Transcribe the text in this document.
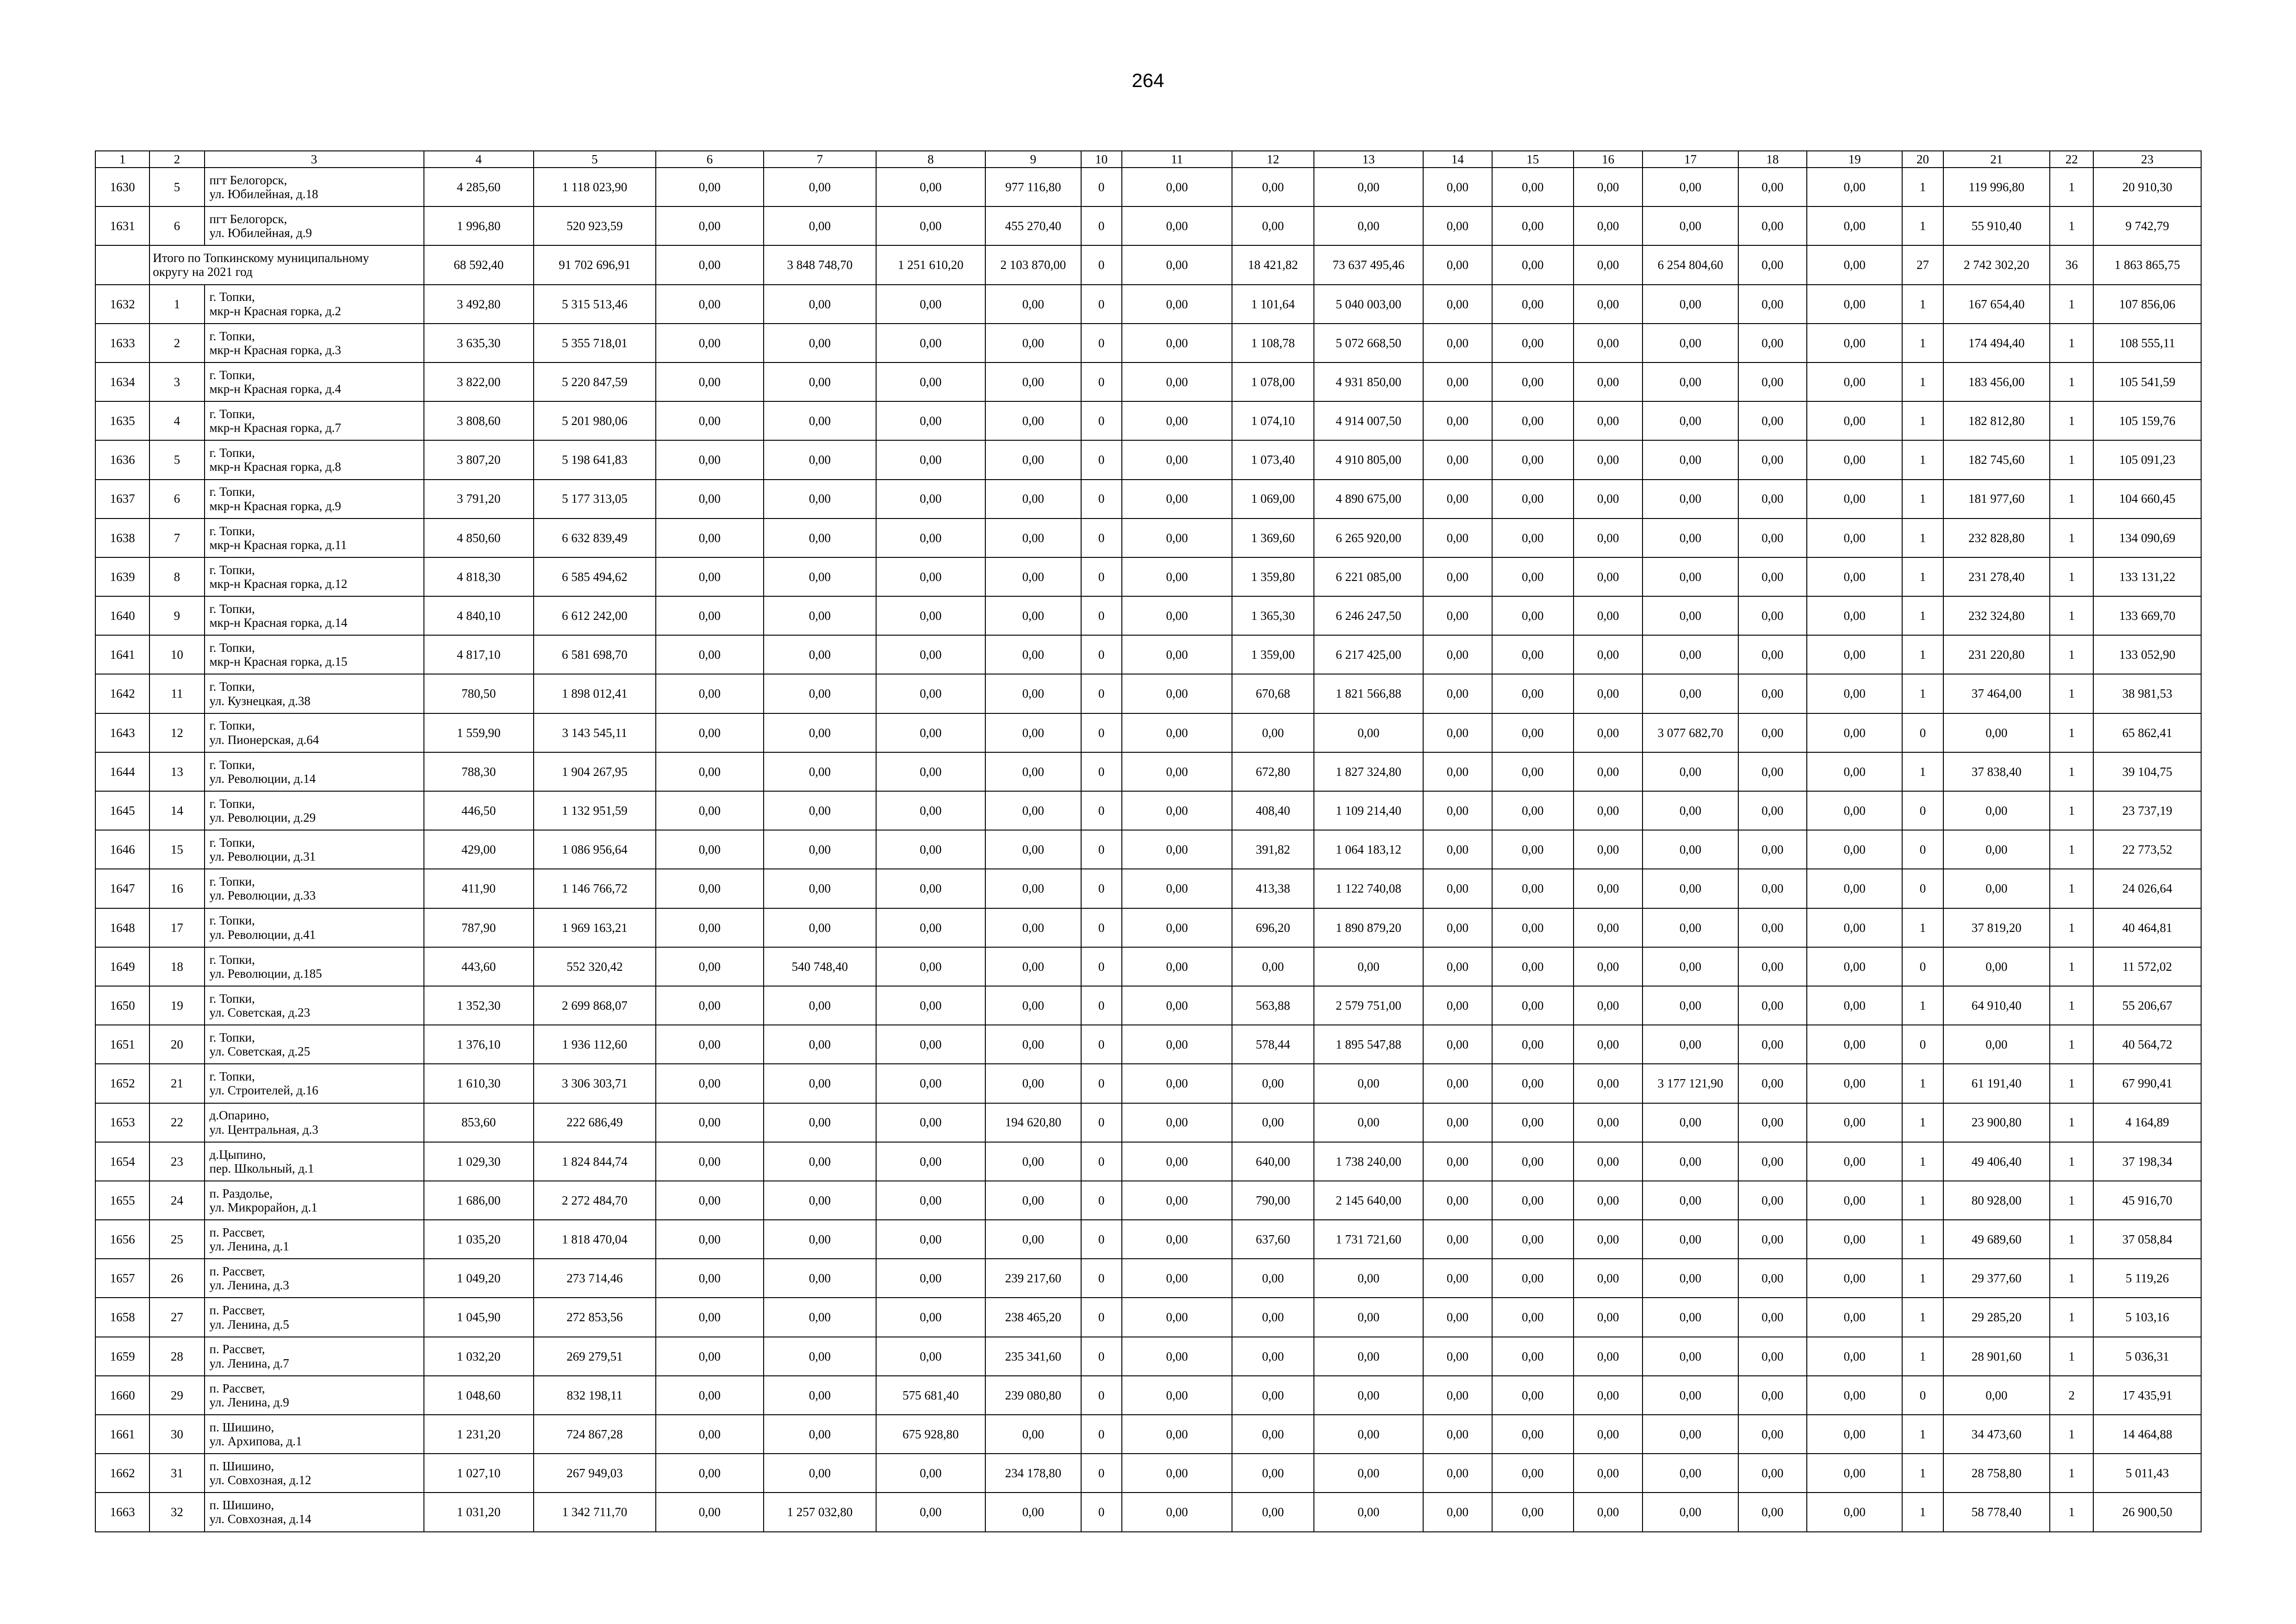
264
1	2	3	4	5	6	7	8	9	10	11	12	13	14	15	16	17	18	19	20	21	22	23
1630	5	пгт Белогорск,
ул. Юбилейная, д.18	4 285,60	1 118 023,90	0,00	0,00	0,00	977 116,80	0	0,00	0,00	0,00	0,00	0,00	0,00	0,00	0,00	0,00	1	119 996,80	1	20 910,30
1631	6	пгт Белогорск,
ул. Юбилейная, д.9	1 996,80	520 923,59	0,00	0,00	0,00	455 270,40	0	0,00	0,00	0,00	0,00	0,00	0,00	0,00	0,00	0,00	1	55 910,40	1	9 742,79

	Итого по Топкинскому муниципальному
округу на 2021 год		68 592,40	91 702 696,91	0,00	3 848 748,70	1 251 610,20	2 103 870,00	0	0,00	18 421,82	73 637 495,46	0,00	0,00	0,00	6 254 804,60	0,00	0,00	27	2 742 302,20	36	1 863 865,75
1632	1	г. Топки,
мкр-н Красная горка, д.2	3 492,80	5 315 513,46	0,00	0,00	0,00	0,00	0	0,00	1 101,64	5 040 003,00	0,00	0,00	0,00	0,00	0,00	0,00	1	167 654,40	1	107 856,06
1633	2	г. Топки,
мкр-н Красная горка, д.3	3 635,30	5 355 718,01	0,00	0,00	0,00	0,00	0	0,00	1 108,78	5 072 668,50	0,00	0,00	0,00	0,00	0,00	0,00	1	174 494,40	1	108 555,11
1634	3	г. Топки,
мкр-н Красная горка, д.4	3 822,00	5 220 847,59	0,00	0,00	0,00	0,00	0	0,00	1 078,00	4 931 850,00	0,00	0,00	0,00	0,00	0,00	0,00	1	183 456,00	1	105 541,59
1635	4	г. Топки,
мкр-н Красная горка, д.7	3 808,60	5 201 980,06	0,00	0,00	0,00	0,00	0	0,00	1 074,10	4 914 007,50	0,00	0,00	0,00	0,00	0,00	0,00	1	182 812,80	1	105 159,76
1636	5	г. Топки,
мкр-н Красная горка, д.8	3 807,20	5 198 641,83	0,00	0,00	0,00	0,00	0	0,00	1 073,40	4 910 805,00	0,00	0,00	0,00	0,00	0,00	0,00	1	182 745,60	1	105 091,23
1637	6	г. Топки,
мкр-н Красная горка, д.9	3 791,20	5 177 313,05	0,00	0,00	0,00	0,00	0	0,00	1 069,00	4 890 675,00	0,00	0,00	0,00	0,00	0,00	0,00	1	181 977,60	1	104 660,45
1638	7	г. Топки,
мкр-н Красная горка, д.11	4 850,60	6 632 839,49	0,00	0,00	0,00	0,00	0	0,00	1 369,60	6 265 920,00	0,00	0,00	0,00	0,00	0,00	0,00	1	232 828,80	1	134 090,69
1639	8	г. Топки,
мкр-н Красная горка, д.12	4 818,30	6 585 494,62	0,00	0,00	0,00	0,00	0	0,00	1 359,80	6 221 085,00	0,00	0,00	0,00	0,00	0,00	0,00	1	231 278,40	1	133 131,22
1640	9	г. Топки,
мкр-н Красная горка, д.14	4 840,10	6 612 242,00	0,00	0,00	0,00	0,00	0	0,00	1 365,30	6 246 247,50	0,00	0,00	0,00	0,00	0,00	0,00	1	232 324,80	1	133 669,70
1641	10	г. Топки,
мкр-н Красная горка, д.15	4 817,10	6 581 698,70	0,00	0,00	0,00	0,00	0	0,00	1 359,00	6 217 425,00	0,00	0,00	0,00	0,00	0,00	0,00	1	231 220,80	1	133 052,90
1642	11	г. Топки,
ул. Кузнецкая, д.38	780,50	1 898 012,41	0,00	0,00	0,00	0,00	0	0,00	670,68	1 821 566,88	0,00	0,00	0,00	0,00	0,00	0,00	1	37 464,00	1	38 981,53
1643	12	г. Топки,
ул. Пионерская, д.64	1 559,90	3 143 545,11	0,00	0,00	0,00	0,00	0	0,00	0,00	0,00	0,00	0,00	0,00	3 077 682,70	0,00	0,00	0	0,00	1	65 862,41
1644	13	г. Топки,
ул. Революции, д.14	788,30	1 904 267,95	0,00	0,00	0,00	0,00	0	0,00	672,80	1 827 324,80	0,00	0,00	0,00	0,00	0,00	0,00	1	37 838,40	1	39 104,75
1645	14	г. Топки,
ул. Революции, д.29	446,50	1 132 951,59	0,00	0,00	0,00	0,00	0	0,00	408,40	1 109 214,40	0,00	0,00	0,00	0,00	0,00	0,00	0	0,00	1	23 737,19
1646	15	г. Топки,
ул. Революции, д.31	429,00	1 086 956,64	0,00	0,00	0,00	0,00	0	0,00	391,82	1 064 183,12	0,00	0,00	0,00	0,00	0,00	0,00	0	0,00	1	22 773,52
1647	16	г. Топки,
ул. Революции, д.33	411,90	1 146 766,72	0,00	0,00	0,00	0,00	0	0,00	413,38	1 122 740,08	0,00	0,00	0,00	0,00	0,00	0,00	0	0,00	1	24 026,64
1648	17	г. Топки,
ул. Революции, д.41	787,90	1 969 163,21	0,00	0,00	0,00	0,00	0	0,00	696,20	1 890 879,20	0,00	0,00	0,00	0,00	0,00	0,00	1	37 819,20	1	40 464,81
1649	18	г. Топки,
ул. Революции, д.185	443,60	552 320,42	0,00	540 748,40	0,00	0,00	0	0,00	0,00	0,00	0,00	0,00	0,00	0,00	0,00	0,00	0	0,00	1	11 572,02
1650	19	г. Топки,
ул. Советская, д.23	1 352,30	2 699 868,07	0,00	0,00	0,00	0,00	0	0,00	563,88	2 579 751,00	0,00	0,00	0,00	0,00	0,00	0,00	1	64 910,40	1	55 206,67
1651	20	г. Топки,
ул. Советская, д.25	1 376,10	1 936 112,60	0,00	0,00	0,00	0,00	0	0,00	578,44	1 895 547,88	0,00	0,00	0,00	0,00	0,00	0,00	0	0,00	1	40 564,72
1652	21	г. Топки,
ул. Строителей, д.16	1 610,30	3 306 303,71	0,00	0,00	0,00	0,00	0	0,00	0,00	0,00	0,00	0,00	0,00	3 177 121,90	0,00	0,00	1	61 191,40	1	67 990,41
1653	22	д.Опарино,
ул. Центральная, д.3	853,60	222 686,49	0,00	0,00	0,00	194 620,80	0	0,00	0,00	0,00	0,00	0,00	0,00	0,00	0,00	0,00	1	23 900,80	1	4 164,89
1654	23	д.Цыпино,
пер. Школьный, д.1	1 029,30	1 824 844,74	0,00	0,00	0,00	0,00	0	0,00	640,00	1 738 240,00	0,00	0,00	0,00	0,00	0,00	0,00	1	49 406,40	1	37 198,34
1655	24	п. Раздолье,
ул. Микрорайон, д.1	1 686,00	2 272 484,70	0,00	0,00	0,00	0,00	0	0,00	790,00	2 145 640,00	0,00	0,00	0,00	0,00	0,00	0,00	1	80 928,00	1	45 916,70
1656	25	п. Рассвет,
ул. Ленина, д.1	1 035,20	1 818 470,04	0,00	0,00	0,00	0,00	0	0,00	637,60	1 731 721,60	0,00	0,00	0,00	0,00	0,00	0,00	1	49 689,60	1	37 058,84
1657	26	п. Рассвет,
ул. Ленина, д.3	1 049,20	273 714,46	0,00	0,00	0,00	239 217,60	0	0,00	0,00	0,00	0,00	0,00	0,00	0,00	0,00	0,00	1	29 377,60	1	5 119,26
1658	27	п. Рассвет,
ул. Ленина, д.5	1 045,90	272 853,56	0,00	0,00	0,00	238 465,20	0	0,00	0,00	0,00	0,00	0,00	0,00	0,00	0,00	0,00	1	29 285,20	1	5 103,16
1659	28	п. Рассвет,
ул. Ленина, д.7	1 032,20	269 279,51	0,00	0,00	0,00	235 341,60	0	0,00	0,00	0,00	0,00	0,00	0,00	0,00	0,00	0,00	1	28 901,60	1	5 036,31
1660	29	п. Рассвет,
ул. Ленина, д.9	1 048,60	832 198,11	0,00	0,00	575 681,40	239 080,80	0	0,00	0,00	0,00	0,00	0,00	0,00	0,00	0,00	0,00	0	0,00	2	17 435,91
1661	30	п. Шишино,
ул. Архипова, д.1	1 231,20	724 867,28	0,00	0,00	675 928,80	0,00	0	0,00	0,00	0,00	0,00	0,00	0,00	0,00	0,00	0,00	1	34 473,60	1	14 464,88
1662	31	п. Шишино,
ул. Совхозная, д.12	1 027,10	267 949,03	0,00	0,00	0,00	234 178,80	0	0,00	0,00	0,00	0,00	0,00	0,00	0,00	0,00	0,00	1	28 758,80	1	5 011,43
1663	32	п. Шишино,
ул. Совхозная, д.14	1 031,20	1 342 711,70	0,00	1 257 032,80	0,00	0,00	0	0,00	0,00	0,00	0,00	0,00	0,00	0,00	0,00	0,00	1	58 778,40	1	26 900,50
